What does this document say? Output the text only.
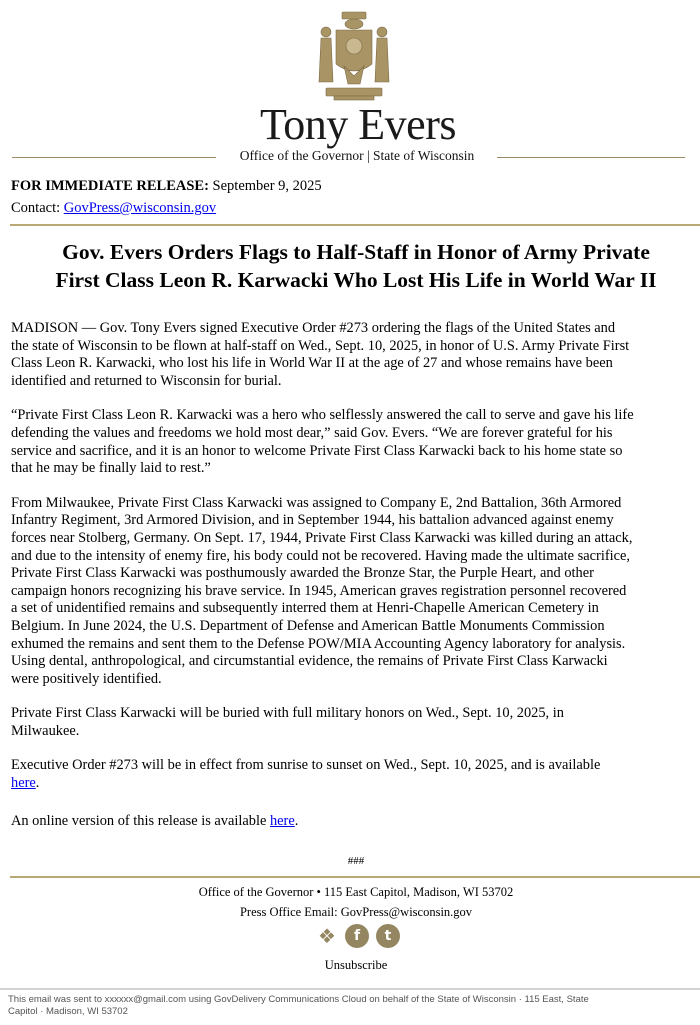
Tony Evers
Office of the Governor | State of Wisconsin
FOR IMMEDIATE RELEASE: September 9, 2025
Contact: GovPress@wisconsin.gov
Gov. Evers Orders Flags to Half-Staff in Honor of Army Private
First Class Leon R. Karwacki Who Lost His Life in World War II

MADISON — Gov. Tony Evers signed Executive Order #273 ordering the flags of the United States and
the state of Wisconsin to be flown at half-staff on Wed., Sept. 10, 2025, in honor of U.S. Army Private First
Class Leon R. Karwacki, who lost his life in World War II at the age of 27 and whose remains have been
identified and returned to Wisconsin for burial.

“Private First Class Leon R. Karwacki was a hero who selflessly answered the call to serve and gave his life
defending the values and freedoms we hold most dear,” said Gov. Evers. “We are forever grateful for his
service and sacrifice, and it is an honor to welcome Private First Class Karwacki back to his home state so
that he may be finally laid to rest.”

From Milwaukee, Private First Class Karwacki was assigned to Company E, 2nd Battalion, 36th Armored
Infantry Regiment, 3rd Armored Division, and in September 1944, his battalion advanced against enemy
forces near Stolberg, Germany. On Sept. 17, 1944, Private First Class Karwacki was killed during an attack,
and due to the intensity of enemy fire, his body could not be recovered. Having made the ultimate sacrifice,
Private First Class Karwacki was posthumously awarded the Bronze Star, the Purple Heart, and other
campaign honors recognizing his brave service. In 1945, American graves registration personnel recovered
a set of unidentified remains and subsequently interred them at Henri-Chapelle American Cemetery in
Belgium. In June 2024, the U.S. Department of Defense and American Battle Monuments Commission
exhumed the remains and sent them to the Defense POW/MIA Accounting Agency laboratory for analysis.
Using dental, anthropological, and circumstantial evidence, the remains of Private First Class Karwacki
were positively identified.

Private First Class Karwacki will be buried with full military honors on Wed., Sept. 10, 2025, in
Milwaukee.

Executive Order #273 will be in effect from sunrise to sunset on Wed., Sept. 10, 2025, and is available
here.

An online version of this release is available here.

###
Office of the Governor • 115 East Capitol, Madison, WI 53702
Press Office Email: GovPress@wisconsin.gov
❖ f t
Unsubscribe
This email was sent to xxxxxx@gmail.com using GovDelivery Communications Cloud on behalf of the State of Wisconsin · 115 East, State
Capitol · Madison, WI 53702
